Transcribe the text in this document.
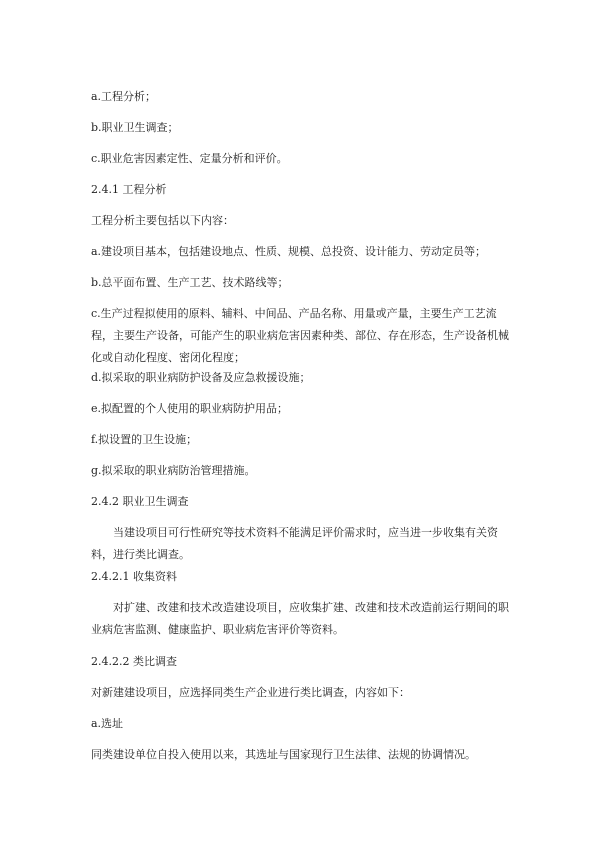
a.工程分析；

b.职业卫生调查；

c.职业危害因素定性、定量分析和评价。

2.4.1 工程分析

工程分析主要包括以下内容：

a.建设项目基本，包括建设地点、性质、规模、总投资、设计能力、劳动定员等；

b.总平面布置、生产工艺、技术路线等；

c.生产过程拟使用的原料、辅料、中间品、产品名称、用量或产量，主要生产工艺流程，主要生产设备，可能产生的职业病危害因素种类、部位、存在形态，生产设备机械化或自动化程度、密闭化程度；

d.拟采取的职业病防护设备及应急救援设施；

e.拟配置的个人使用的职业病防护用品；

f.拟设置的卫生设施；

g.拟采取的职业病防治管理措施。

2.4.2 职业卫生调查

当建设项目可行性研究等技术资料不能满足评价需求时，应当进一步收集有关资料，进行类比调查。

2.4.2.1 收集资料

对扩建、改建和技术改造建设项目，应收集扩建、改建和技术改造前运行期间的职业病危害监测、健康监护、职业病危害评价等资料。

2.4.2.2 类比调查

对新建建设项目，应选择同类生产企业进行类比调查，内容如下：

a.选址

同类建设单位自投入使用以来，其选址与国家现行卫生法律、法规的协调情况。
